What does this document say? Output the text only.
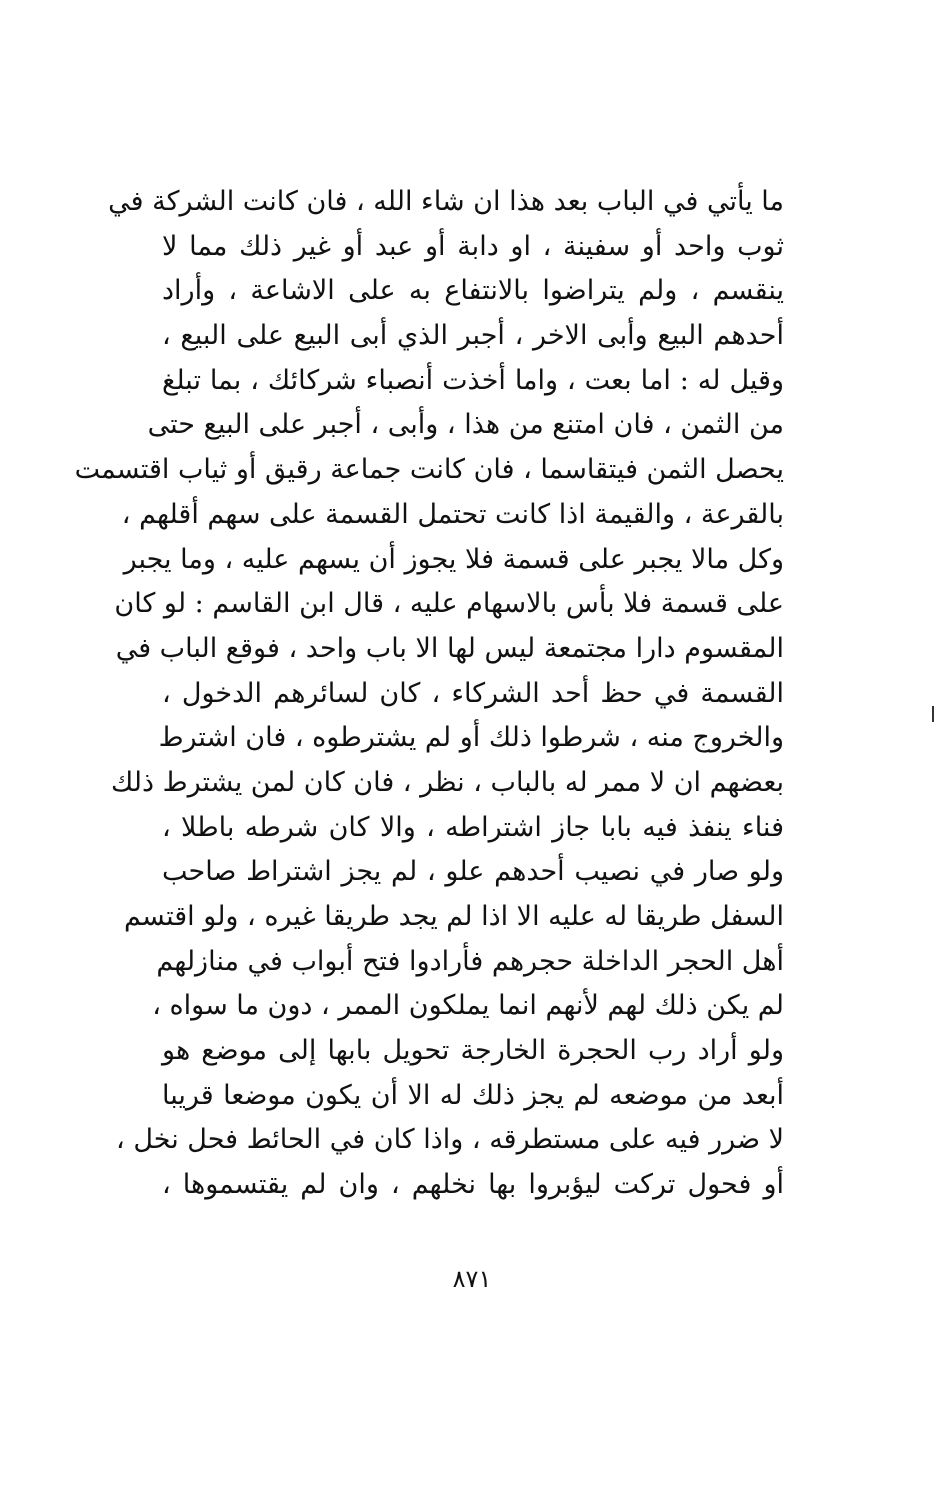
ما يأتي في الباب بعد هذا ان شاء الله ، فان كانت الشركة في
ثوب واحد أو سفينة ، او دابة أو عبد أو غير ذلك مما لا
ينقسم ، ولم يتراضوا بالانتفاع به على الاشاعة ، وأراد
أحدهم البيع وأبى الاخر ، أجبر الذي أبى البيع على البيع ،
وقيل له : اما بعت ، واما أخذت أنصباء شركائك ، بما تبلغ
من الثمن ، فان امتنع من هذا ، وأبى ، أجبر على البيع حتى
يحصل الثمن فيتقاسما ، فان كانت جماعة رقيق أو ثياب اقتسمت
بالقرعة ، والقيمة اذا كانت تحتمل القسمة على سهم أقلهم ،
وكل مالا يجبر على قسمة فلا يجوز أن يسهم عليه ، وما يجبر
على قسمة فلا بأس بالاسهام عليه ، قال ابن القاسم : لو كان
المقسوم دارا مجتمعة ليس لها الا باب واحد ، فوقع الباب في
القسمة في حظ أحد الشركاء ، كان لسائرهم الدخول ،
والخروج منه ، شرطوا ذلك أو لم يشترطوه ، فان اشترط
بعضهم ان لا ممر له بالباب ، نظر ، فان كان لمن يشترط ذلك
فناء ينفذ فيه بابا جاز اشتراطه ، والا كان شرطه باطلا ،
ولو صار في نصيب أحدهم علو ، لم يجز اشتراط صاحب
السفل طريقا له عليه الا اذا لم يجد طريقا غيره ، ولو اقتسم
أهل الحجر الداخلة حجرهم فأرادوا فتح أبواب في منازلهم
لم يكن ذلك لهم لأنهم انما يملكون الممر ، دون ما سواه ،
ولو أراد رب الحجرة الخارجة تحويل بابها إلى موضع هو
أبعد من موضعه لم يجز ذلك له الا أن يكون موضعا قريبا
لا ضرر فيه على مستطرقه ، واذا كان في الحائط فحل نخل ،
أو فحول تركت ليؤبروا بها نخلهم ، وان لم يقتسموها ،
٨٧١
